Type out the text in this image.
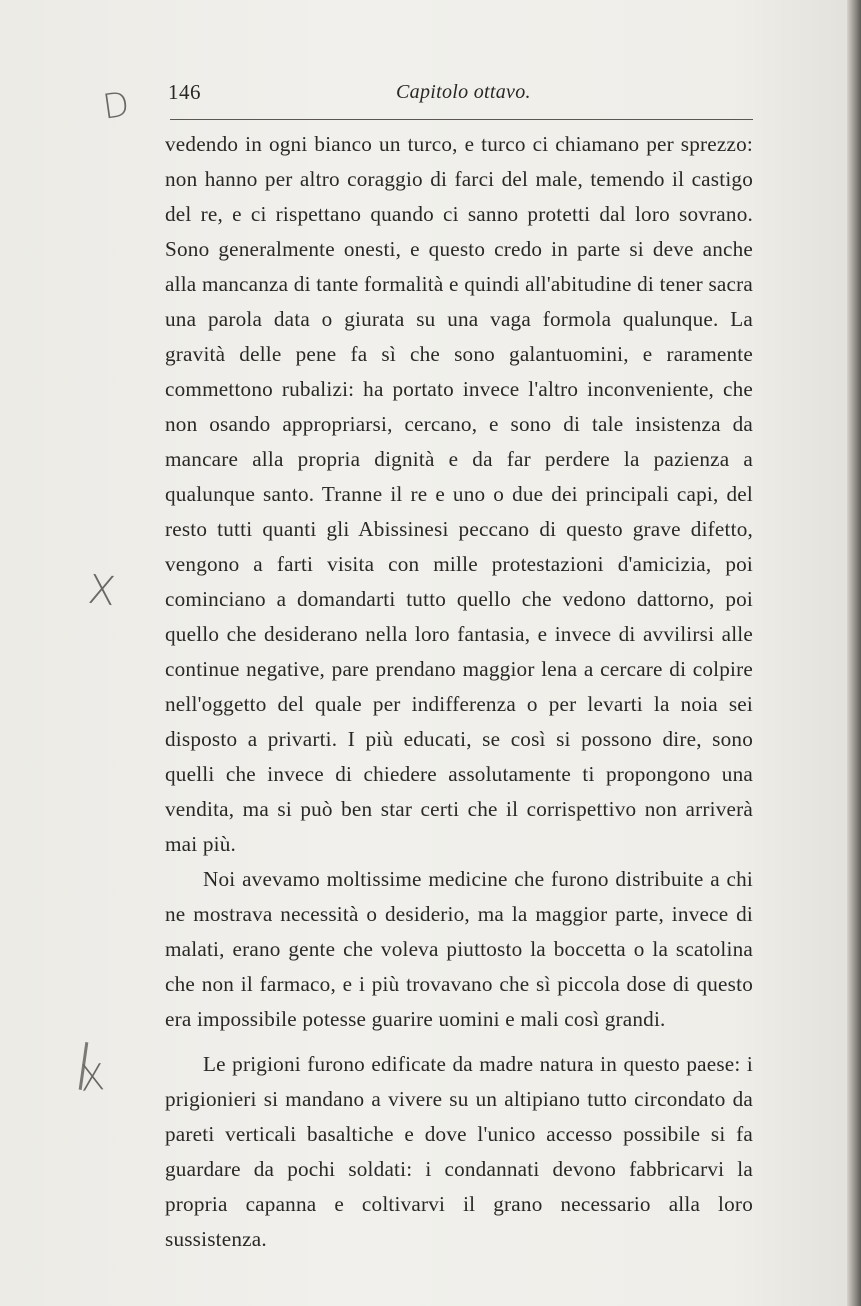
146	Capitolo ottavo.

vedendo in ogni bianco un turco, e turco ci chiamano per sprezzo: non hanno per altro coraggio di farci del male, temendo il castigo del re, e ci rispettano quando ci sanno protetti dal loro sovrano. Sono generalmente onesti, e questo credo in parte si deve anche alla mancanza di tante formalità e quindi all'abitudine di tener sacra una parola data o giurata su una vaga formola qualunque. La gravità delle pene fa sì che sono galantuomini, e raramente commettono rubalizi: ha portato invece l'altro inconveniente, che non osando appropriarsi, cercano, e sono di tale insistenza da mancare alla propria dignità e da far perdere la pazienza a qualunque santo. Tranne il re e uno o due dei principali capi, del resto tutti quanti gli Abissinesi peccano di questo grave difetto, vengono a farti visita con mille protestazioni d'amicizia, poi cominciano a domandarti tutto quello che vedono dattorno, poi quello che desiderano nella loro fantasia, e invece di avvilirsi alle continue negative, pare prendano maggior lena a cercare di colpire nell'oggetto del quale per indifferenza o per levarti la noia sei disposto a privarti. I più educati, se così si possono dire, sono quelli che invece di chiedere assolutamente ti propongono una vendita, ma si può ben star certi che il corrispettivo non arriverà mai più.

Noi avevamo moltissime medicine che furono distribuite a chi ne mostrava necessità o desiderio, ma la maggior parte, invece di malati, erano gente che voleva piuttosto la boccetta o la scatolina che non il farmaco, e i più trovavano che sì piccola dose di questo era impossibile potesse guarire uomini e mali così grandi.

Le prigioni furono edificate da madre natura in questo paese: i prigionieri si mandano a vivere su un altipiano tutto circondato da pareti verticali basaltiche e dove l'unico accesso possibile si fa guardare da pochi soldati: i condannati devono fabbricarvi la propria capanna e coltivarvi il grano necessario alla loro sussistenza.

D
X
X
